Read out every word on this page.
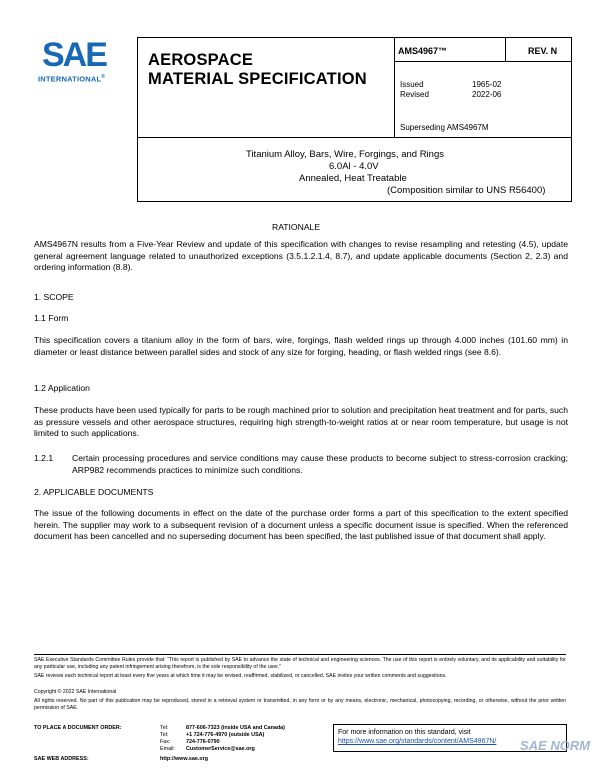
SAE
INTERNATIONAL®
AEROSPACE
MATERIAL SPECIFICATION
AMS4967™	REV. N
Issued	1965-02
Revised	2022-06
Superseding AMS4967M
Titanium Alloy, Bars, Wire, Forgings, and Rings
6.0Al - 4.0V
Annealed, Heat Treatable
(Composition similar to UNS R56400)
RATIONALE
AMS4967N results from a Five-Year Review and update of this specification with changes to revise resampling and retesting (4.5), update general agreement language related to unauthorized exceptions (3.5.1.2.1.4, 8.7), and update applicable documents (Section 2, 2.3) and ordering information (8.8).
1. SCOPE
1.1 Form
This specification covers a titanium alloy in the form of bars, wire, forgings, flash welded rings up through 4.000 inches (101.60 mm) in diameter or least distance between parallel sides and stock of any size for forging, heading, or flash welded rings (see 8.6).
1.2 Application
These products have been used typically for parts to be rough machined prior to solution and precipitation heat treatment and for parts, such as pressure vessels and other aerospace structures, requiring high strength-to-weight ratios at or near room temperature, but usage is not limited to such applications.
1.2.1 Certain processing procedures and service conditions may cause these products to become subject to stress-corrosion cracking; ARP982 recommends practices to minimize such conditions.
2. APPLICABLE DOCUMENTS
The issue of the following documents in effect on the date of the purchase order forms a part of this specification to the extent specified herein. The supplier may work to a subsequent revision of a document unless a specific document issue is specified. When the referenced document has been cancelled and no superseding document has been specified, the last published issue of that document shall apply.
SAE Executive Standards Committee Rules provide that: “This report is published by SAE to advance the state of technical and engineering sciences. The use of this report is entirely voluntary, and its applicability and suitability for any particular use, including any patent infringement arising therefrom, is the sole responsibility of the user.”
SAE reviews each technical report at least every five years at which time it may be revised, reaffirmed, stabilized, or cancelled. SAE invites your written comments and suggestions.
Copyright © 2022 SAE International
All rights reserved. No part of this publication may be reproduced, stored in a retrieval system or transmitted, in any form or by any means, electronic, mechanical, photocopying, recording, or otherwise, without the prior written permission of SAE.
TO PLACE A DOCUMENT ORDER:	Tel:	877-606-7323 (inside USA and Canada)
Tel:	+1 724-776-4970 (outside USA)
Fax:	724-776-0790
Email: CustomerService@sae.org
SAE WEB ADDRESS:	http://www.sae.org
For more information on this standard, visit
https://www.sae.org/standards/content/AMS4967N/	SAE NORM
